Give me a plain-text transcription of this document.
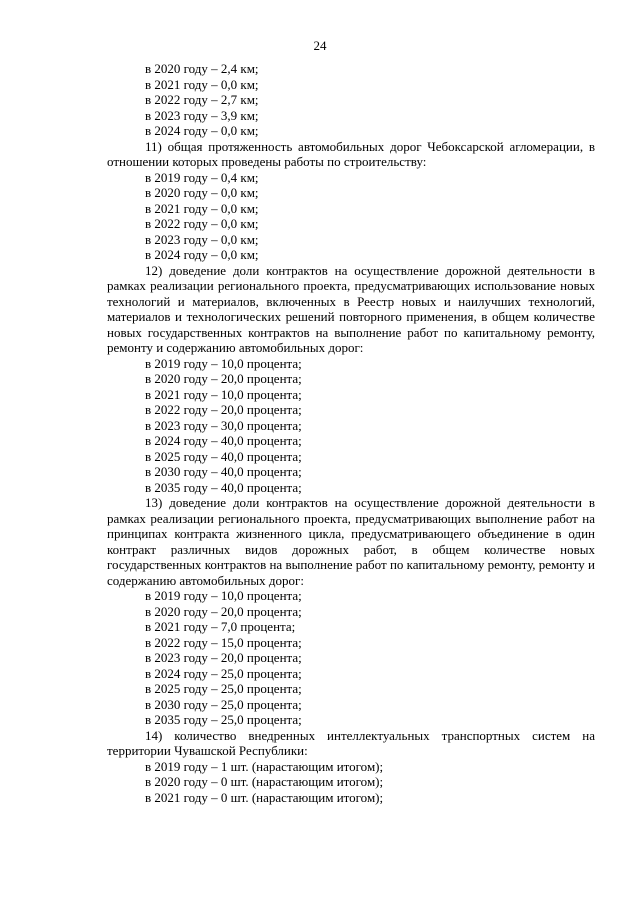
24

в 2020 году – 2,4 км;

в 2021 году – 0,0 км;

в 2022 году – 2,7 км;

в 2023 году – 3,9 км;

в 2024 году – 0,0 км;

11) общая протяженность автомобильных дорог Чебоксарской агломерации, в отношении которых проведены работы по строительству:

в 2019 году – 0,4 км;

в 2020 году – 0,0 км;

в 2021 году – 0,0 км;

в 2022 году – 0,0 км;

в 2023 году – 0,0 км;

в 2024 году – 0,0 км;

12) доведение доли контрактов на осуществление дорожной деятельности в рамках реализации регионального проекта, предусматривающих использование новых технологий и материалов, включенных в Реестр новых и наилучших технологий, материалов и технологических решений повторного применения, в общем количестве новых государственных контрактов на выполнение работ по капитальному ремонту, ремонту и содержанию автомобильных дорог:

в 2019 году – 10,0 процента;

в 2020 году – 20,0 процента;

в 2021 году – 10,0 процента;

в 2022 году – 20,0 процента;

в 2023 году – 30,0 процента;

в 2024 году – 40,0 процента;

в 2025 году – 40,0 процента;

в 2030 году – 40,0 процента;

в 2035 году – 40,0 процента;

13) доведение доли контрактов на осуществление дорожной деятельности в рамках реализации регионального проекта, предусматривающих выполнение работ на принципах контракта жизненного цикла, предусматривающего объединение в один контракт различных видов дорожных работ, в общем количестве новых государственных контрактов на выполнение работ по капитальному ремонту, ремонту и содержанию автомобильных дорог:

в 2019 году – 10,0 процента;

в 2020 году – 20,0 процента;

в 2021 году – 7,0 процента;

в 2022 году – 15,0 процента;

в 2023 году – 20,0 процента;

в 2024 году – 25,0 процента;

в 2025 году – 25,0 процента;

в 2030 году – 25,0 процента;

в 2035 году – 25,0 процента;

14) количество внедренных интеллектуальных транспортных систем на территории Чувашской Республики:

в 2019 году – 1 шт. (нарастающим итогом);

в 2020 году – 0 шт. (нарастающим итогом);

в 2021 году – 0 шт. (нарастающим итогом);
